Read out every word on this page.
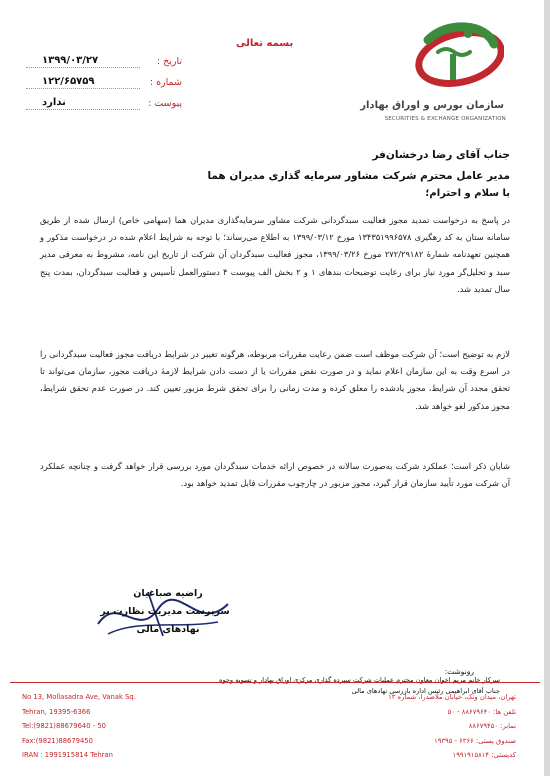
سازمان بورس و اوراق بهادار
SECURITIES & EXCHANGE ORGANIZATION
بسمه تعالی
تاریخ :
۱۳۹۹/۰۳/۲۷
شماره :
۱۲۲/۶۵۷۵۹
پیوست :
ندارد
جناب آقای رضا درخشان‌فر
مدیر عامل محترم شرکت مشاور سرمایه گذاری مدیران هما
با سلام و احترام؛
در پاسخ به درخواست تمدید مجوز فعالیت سبدگردانی شرکت مشاور سرمایه‌گذاری مدیران هما (سهامی خاص) ارسال شده از طریق سامانه ستان به کد رهگیری ۱۳۴۳۵۱۹۹۶۵۷۸ مورخ ۱۳۹۹/۰۳/۱۲ به اطلاع می‌رساند؛ با توجه به شرایط اعلام شده در درخواست مذکور و همچنین تعهدنامه شمارهٔ ۲۷۲/۲۹۱۸۲ مورخ ۱۳۹۹/۰۳/۲۶، مجوز فعالیت سبدگردان آن شرکت از تاریخ این نامه، مشروط به معرفی مدیر سبد و تحلیل‌گر مورد نیاز برای رعایت توضیحات بندهای ۱ و ۲ بخش الف پیوست ۴ دستورالعمل تأسیس و فعالیت سبدگردان، بمدت پنج سال تمدید شد.
لازم به توضیح است؛ آن شرکت موظف است ضمن رعایت مقررات مربوطه، هرگونه تغییر در شرایط دریافت مجوز فعالیت سبدگردانی را در اسرع وقت به این سازمان اعلام نماید و در صورت نقض مقررات یا از دست دادن شرایط لازمهٔ دریافت مجوز، سازمان می‌تواند تا تحقق مجدد آن شرایط، مجوز یادشده را معلق کرده و مدت زمانی را برای تحقق شرط مزبور تعیین کند. در صورت عدم تحقق شرایط، مجوز مذکور لغو خواهد شد.
شایان ذکر است؛ عملکرد شرکت به‌صورت سالانه در خصوص ارائه خدمات سبدگردان مورد بررسی قرار خواهد گرفت و چنانچه عملکرد آن شرکت مورد تأیید سازمان قرار گیرد، مجوز مزبور در چارچوب مقررات قابل تمدید خواهد بود.
راضیه صباغیان
سرپرست مدیریت نظارت بر
نهادهای مالی
رونوشت:
سرکار خانم مریم اخوان معاون محترم عملیات شرکت سپرده گذاری مرکزی اوراق بهادار و تسویه وجوه
جناب آقای ابراهیمی رئیس اداره بازرسی نهادهای مالی
No 13, Mollasadra Ave, Vanak Sq.
Tehran, 19395-6366
Tel:(9821)88679640 - 50
Fax:(9821)88679450
IRAN : 1991915814 Tehran
تهران، میدان ونک، خیابان ملاصدرا، شماره ۱۳
تلفن ها: ۸۸۶۷۹۶۴۰ - ۵۰
نمابر: ۸۸۶۷۹۴۵۰
صندوق پستی: ۶۳۶۶ - ۱۹۳۹۵
کدپستی: ۱۹۹۱۹۱۵۸۱۴
